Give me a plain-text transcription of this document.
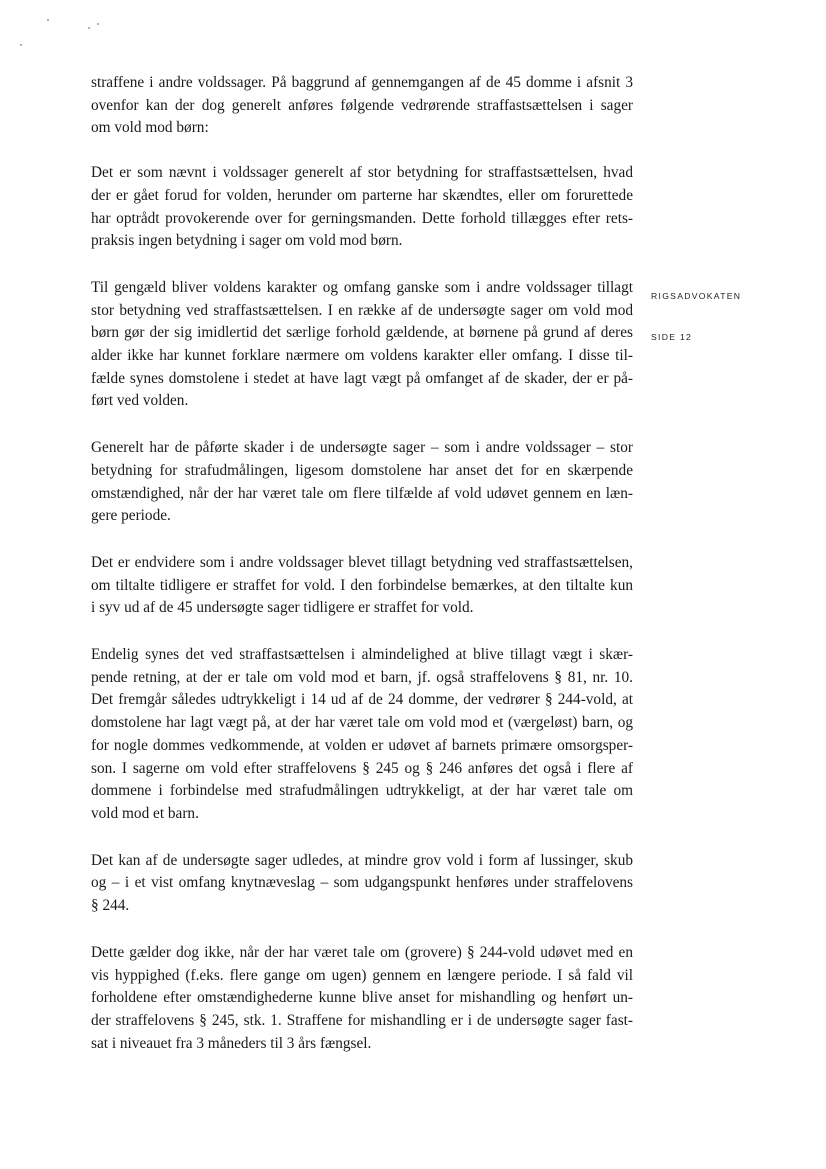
RIGSADVOKATEN
SIDE 12

straffene i andre voldssager. På baggrund af gennemgangen af de 45 domme i afsnit 3
ovenfor kan der dog generelt anføres følgende vedrørende straffastsættelsen i sager
om vold mod børn:

Det er som nævnt i voldssager generelt af stor betydning for straffastsættelsen, hvad
der er gået forud for volden, herunder om parterne har skændtes, eller om forurettede
har optrådt provokerende over for gerningsmanden. Dette forhold tillægges efter rets-
praksis ingen betydning i sager om vold mod børn.

Til gengæld bliver voldens karakter og omfang ganske som i andre voldssager tillagt
stor betydning ved straffastsættelsen. I en række af de undersøgte sager om vold mod
børn gør der sig imidlertid det særlige forhold gældende, at børnene på grund af deres
alder ikke har kunnet forklare nærmere om voldens karakter eller omfang. I disse til-
fælde synes domstolene i stedet at have lagt vægt på omfanget af de skader, der er på-
ført ved volden.

Generelt har de påførte skader i de undersøgte sager – som i andre voldssager – stor
betydning for strafudmålingen, ligesom domstolene har anset det for en skærpende
omstændighed, når der har været tale om flere tilfælde af vold udøvet gennem en læn-
gere periode.

Det er endvidere som i andre voldssager blevet tillagt betydning ved straffastsættelsen,
om tiltalte tidligere er straffet for vold. I den forbindelse bemærkes, at den tiltalte kun
i syv ud af de 45 undersøgte sager tidligere er straffet for vold.

Endelig synes det ved straffastsættelsen i almindelighed at blive tillagt vægt i skær-
pende retning, at der er tale om vold mod et barn, jf. også straffelovens § 81, nr. 10.
Det fremgår således udtrykkeligt i 14 ud af de 24 domme, der vedrører § 244-vold, at
domstolene har lagt vægt på, at der har været tale om vold mod et (værgeløst) barn, og
for nogle dommes vedkommende, at volden er udøvet af barnets primære omsorgsper-
son. I sagerne om vold efter straffelovens § 245 og § 246 anføres det også i flere af
dommene i forbindelse med strafudmålingen udtrykkeligt, at der har været tale om
vold mod et barn.

Det kan af de undersøgte sager udledes, at mindre grov vold i form af lussinger, skub
og – i et vist omfang knytnæveslag – som udgangspunkt henføres under straffelovens
§ 244.

Dette gælder dog ikke, når der har været tale om (grovere) § 244-vold udøvet med en
vis hyppighed (f.eks. flere gange om ugen) gennem en længere periode. I så fald vil
forholdene efter omstændighederne kunne blive anset for mishandling og henført un-
der straffelovens § 245, stk. 1. Straffene for mishandling er i de undersøgte sager fast-
sat i niveauet fra 3 måneders til 3 års fængsel.
